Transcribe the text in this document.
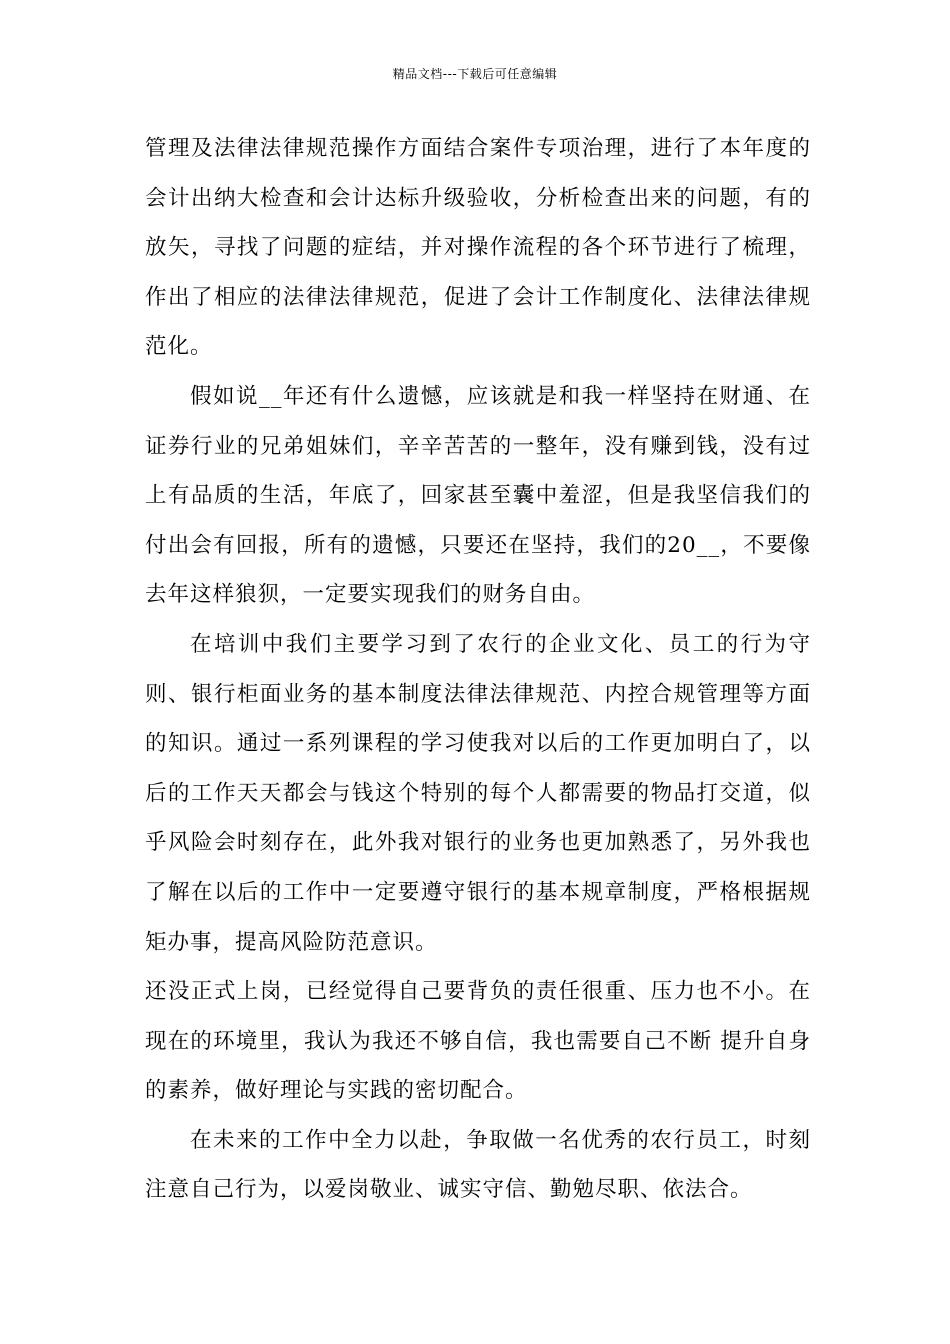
精品文档---下载后可任意编辑

管理及法律法律规范操作方面结合案件专项治理，进行了本年度的会计出纳大检查和会计达标升级验收，分析检查出来的问题，有的放矢，寻找了问题的症结，并对操作流程的各个环节进行了梳理，作出了相应的法律法律规范，促进了会计工作制度化、法律法律规范化。

假如说__年还有什么遗憾，应该就是和我一样坚持在财通、在证券行业的兄弟姐妹们，辛辛苦苦的一整年，没有赚到钱，没有过上有品质的生活，年底了，回家甚至囊中羞涩，但是我坚信我们的付出会有回报，所有的遗憾，只要还在坚持，我们的20__，不要像去年这样狼狈，一定要实现我们的财务自由。

在培训中我们主要学习到了农行的企业文化、员工的行为守则、银行柜面业务的基本制度法律法律规范、内控合规管理等方面的知识。通过一系列课程的学习使我对以后的工作更加明白了，以后的工作天天都会与钱这个特别的每个人都需要的物品打交道，似乎风险会时刻存在，此外我对银行的业务也更加熟悉了，另外我也了解在以后的工作中一定要遵守银行的基本规章制度，严格根据规矩办事，提高风险防范意识。

还没正式上岗，已经觉得自己要背负的责任很重、压力也不小。在现在的环境里，我认为我还不够自信，我也需要自己不断 提升自身的素养，做好理论与实践的密切配合。

在未来的工作中全力以赴，争取做一名优秀的农行员工，时刻注意自己行为，以爱岗敬业、诚实守信、勤勉尽职、依法合。
